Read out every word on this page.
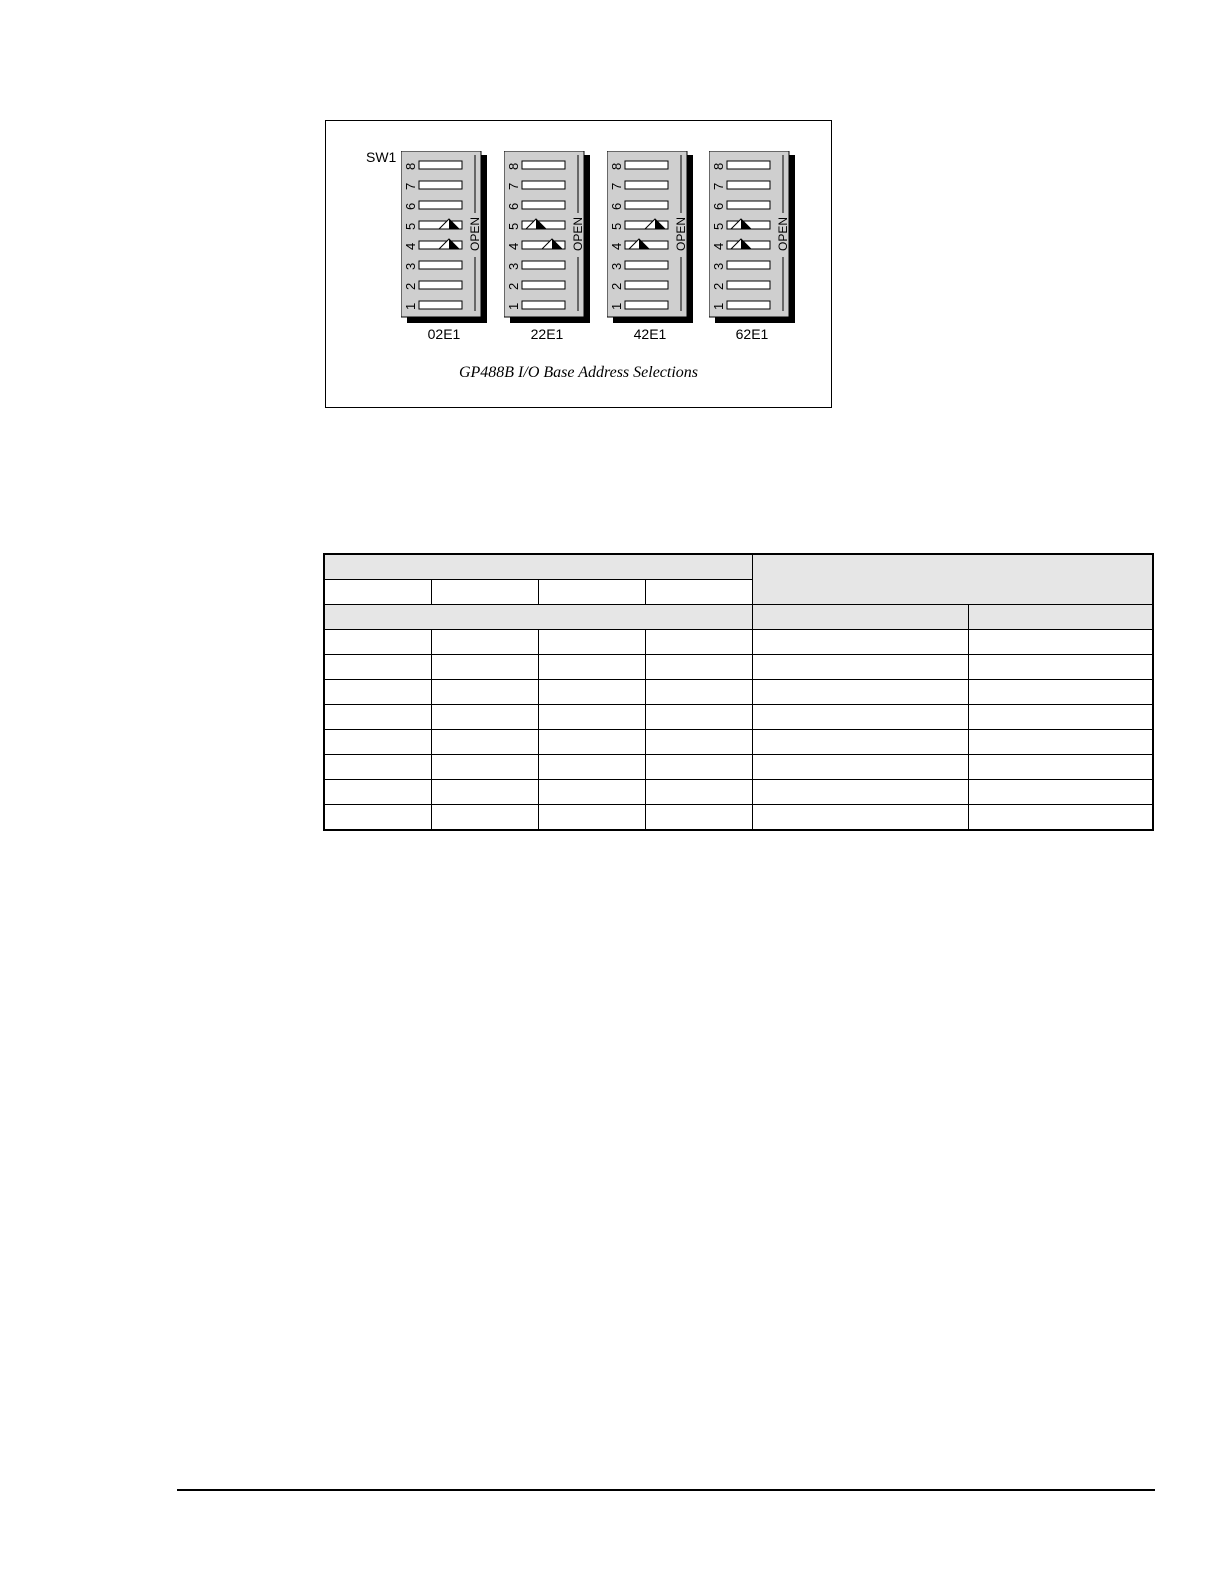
SW1
OPEN
8
7
6
5
4
3
2
1
OPEN
8
7
6
5
4
3
2
1
OPEN
8
7
6
5
4
3
2
1
OPEN
8
7
6
5
4
3
2
1
02E1	22E1	42E1	62E1
GP488B I/O Base Address Selections
